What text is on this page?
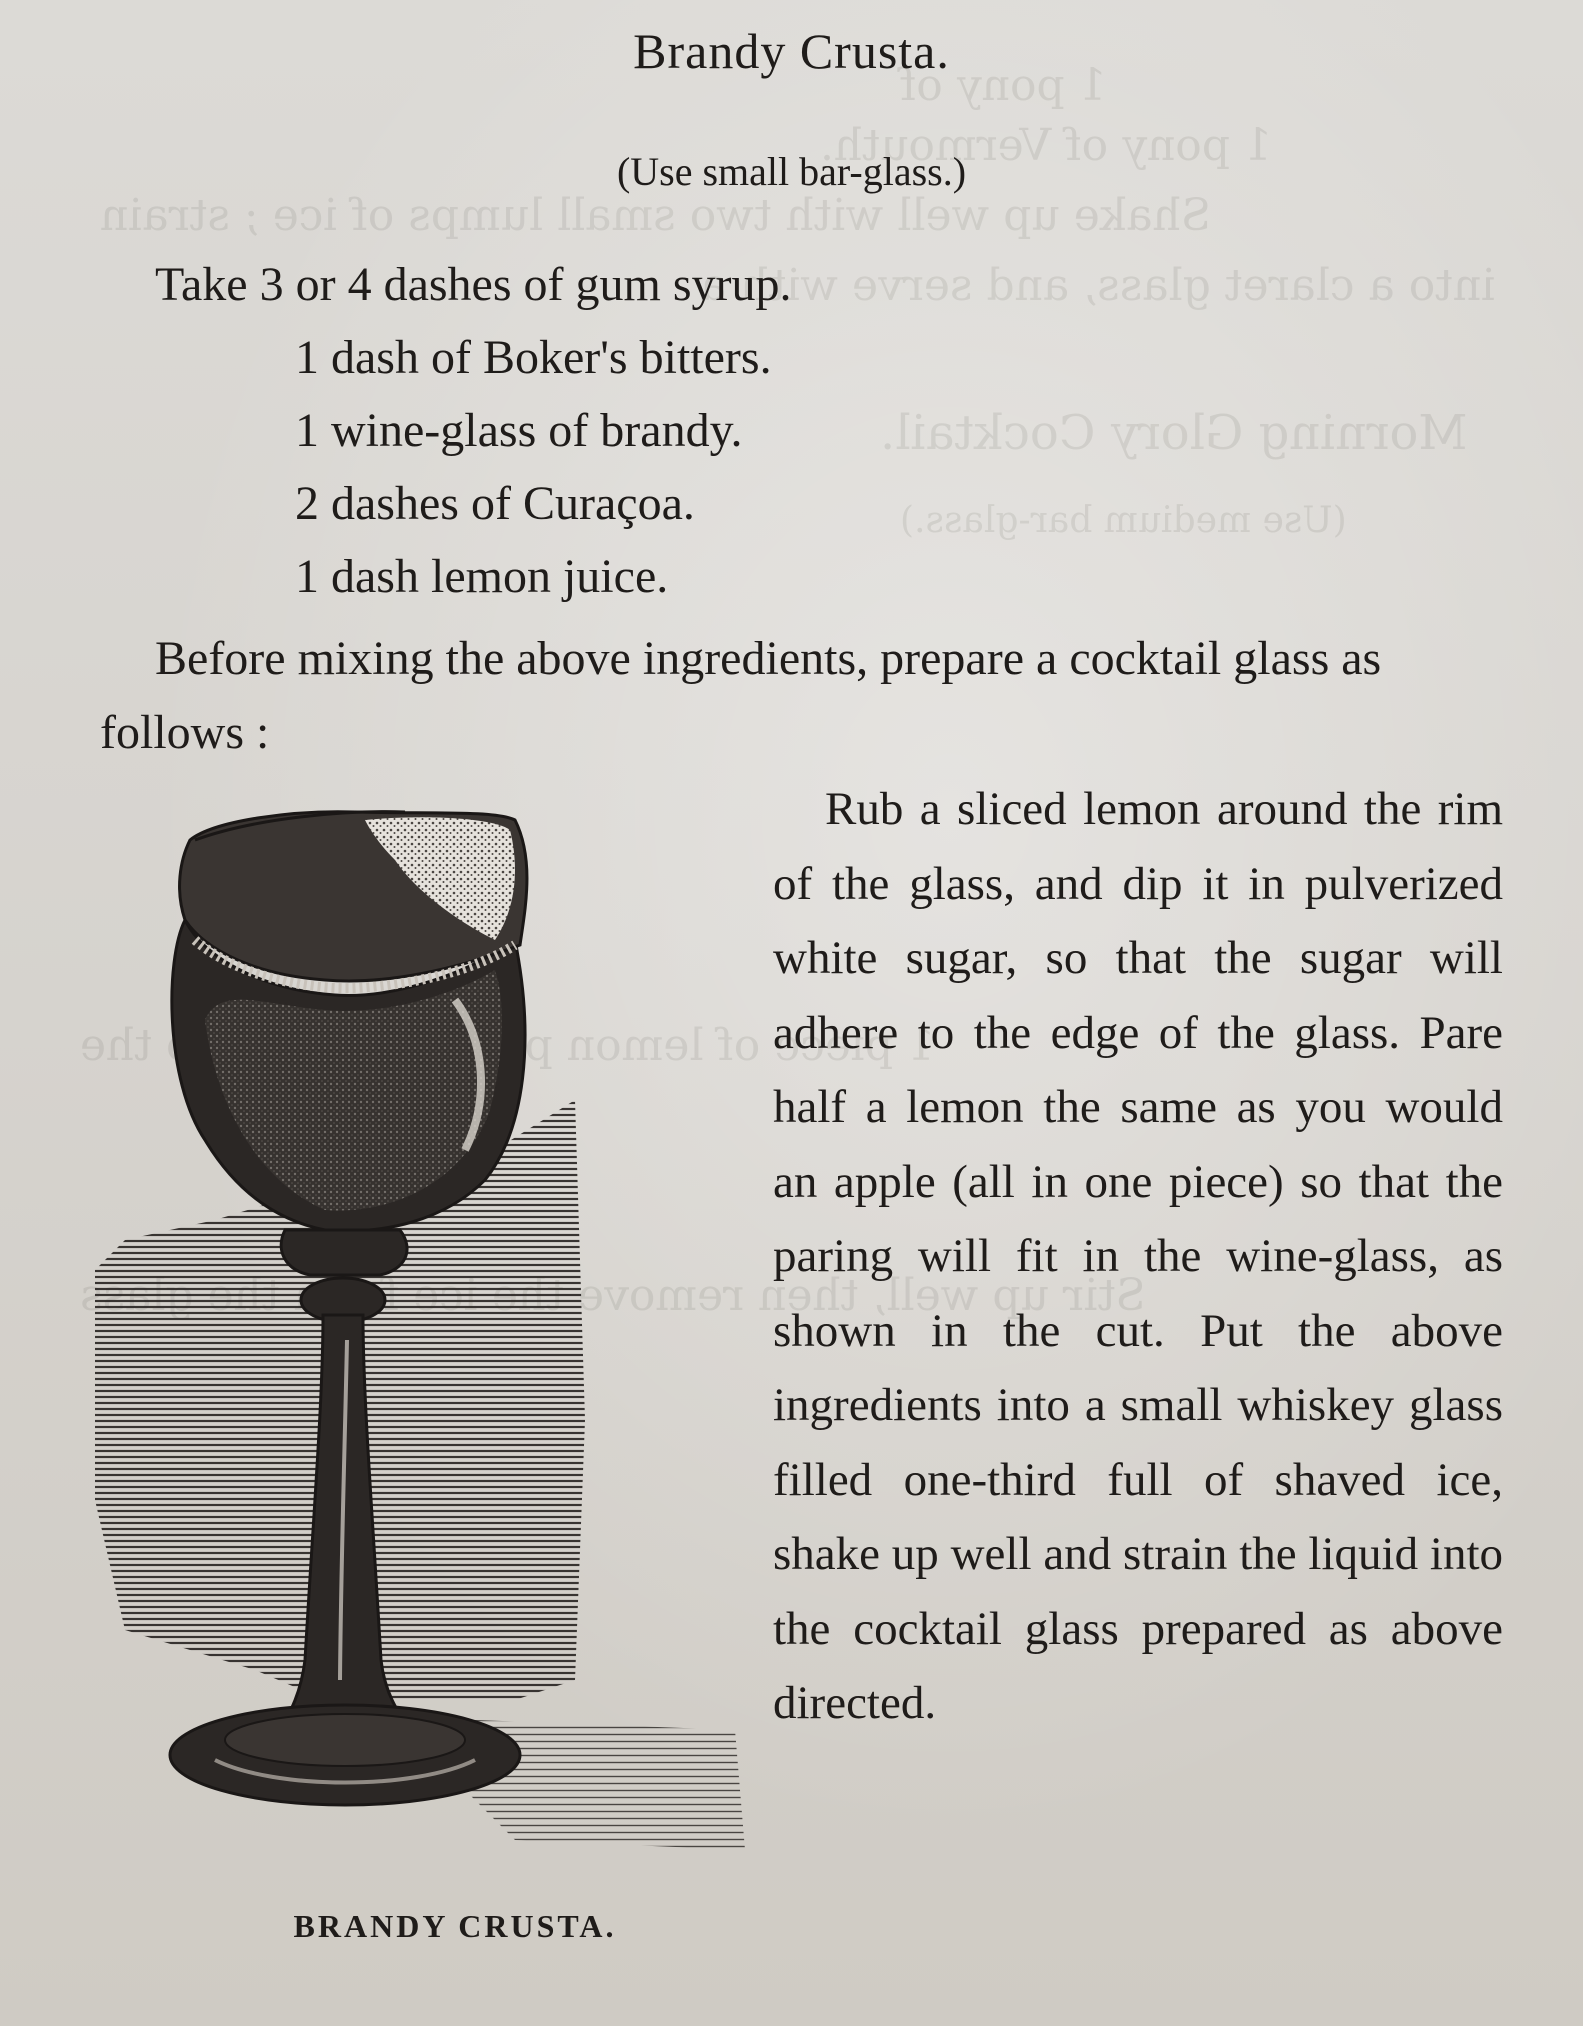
1 pony of
1 pony of Vermouth.
Shake up well with two small lumps of ice ; strain
into a claret glass, and serve with a
Morning Glory Cocktail.
(Use medium bar-glass.)
1 piece of lemon the
Stir up well, then remove the ice from the glass
Brandy Crusta.
(Use small bar-glass.)
Take 3 or 4 dashes of gum syrup.
1 dash of Boker's bitters.
1 wine-glass of brandy.
2 dashes of Curaçoa.
1 dash lemon juice.
Before mixing the above ingredients, prepare a cocktail glass as follows :
Rub a sliced lemon around the rim of the glass, and dip it in pulverized white sugar, so that the sugar will adhere to the edge of the glass. Pare half a lemon the same as you would an apple (all in one piece) so that the paring will fit in the wine-glass, as shown in the cut. Put the above ingredients into a small whiskey glass filled one-third full of shaved ice, shake up well and strain the liquid into the cocktail glass prepared as above directed.
BRANDY CRUSTA.
